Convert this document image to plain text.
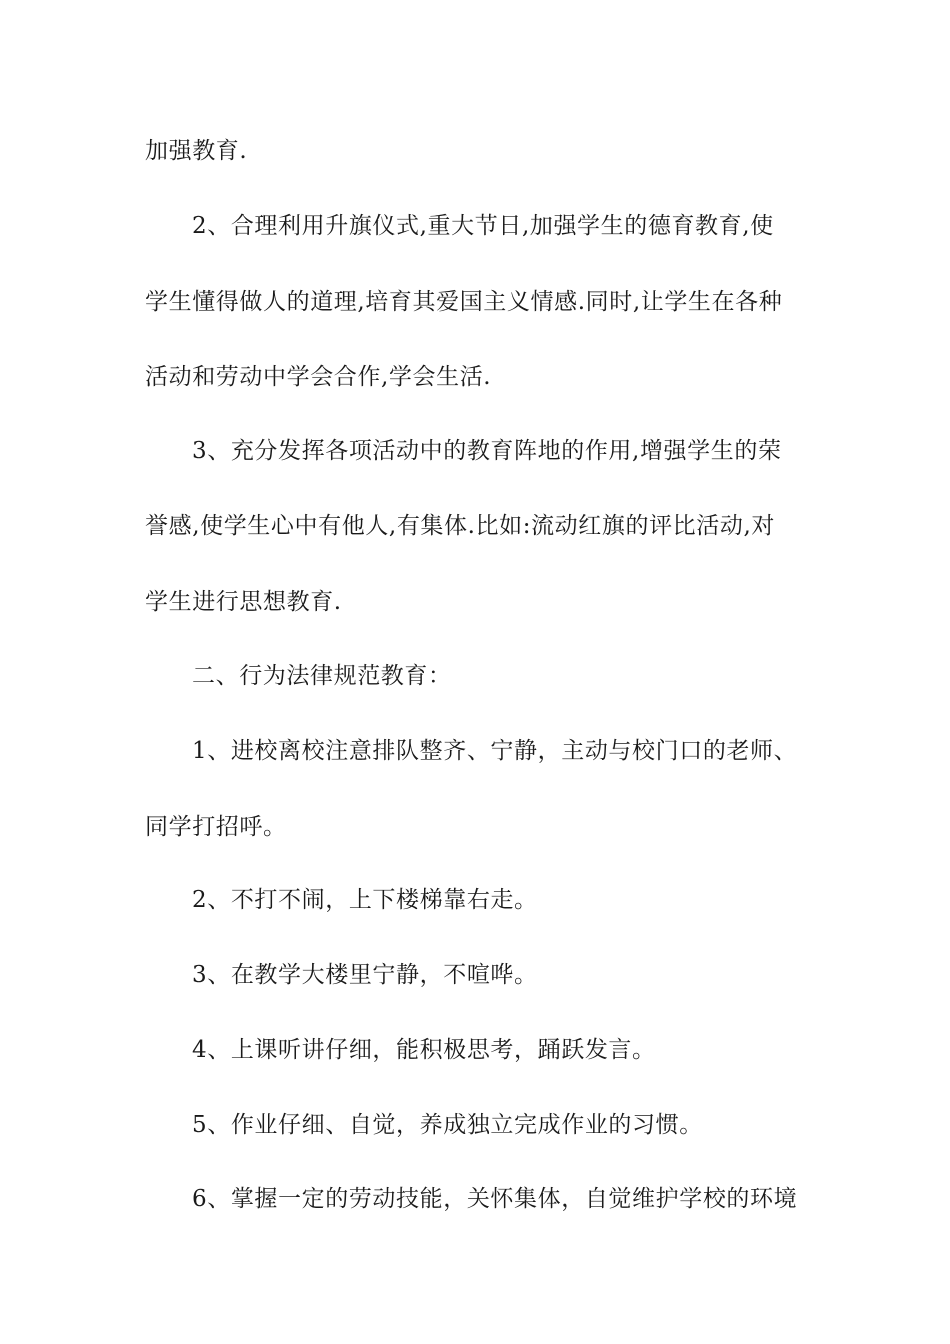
加强教育.
2、合理利用升旗仪式,重大节日,加强学生的德育教育,使
学生懂得做人的道理,培育其爱国主义情感.同时,让学生在各种
活动和劳动中学会合作,学会生活.
3、充分发挥各项活动中的教育阵地的作用,增强学生的荣
誉感,使学生心中有他人,有集体.比如:流动红旗的评比活动,对
学生进行思想教育.
二、行为法律规范教育：
1、进校离校注意排队整齐、宁静，主动与校门口的老师、
同学打招呼。
2、不打不闹，上下楼梯靠右走。
3、在教学大楼里宁静，不喧哗。
4、上课听讲仔细，能积极思考，踊跃发言。
5、作业仔细、自觉，养成独立完成作业的习惯。
6、掌握一定的劳动技能，关怀集体，自觉维护学校的环境
